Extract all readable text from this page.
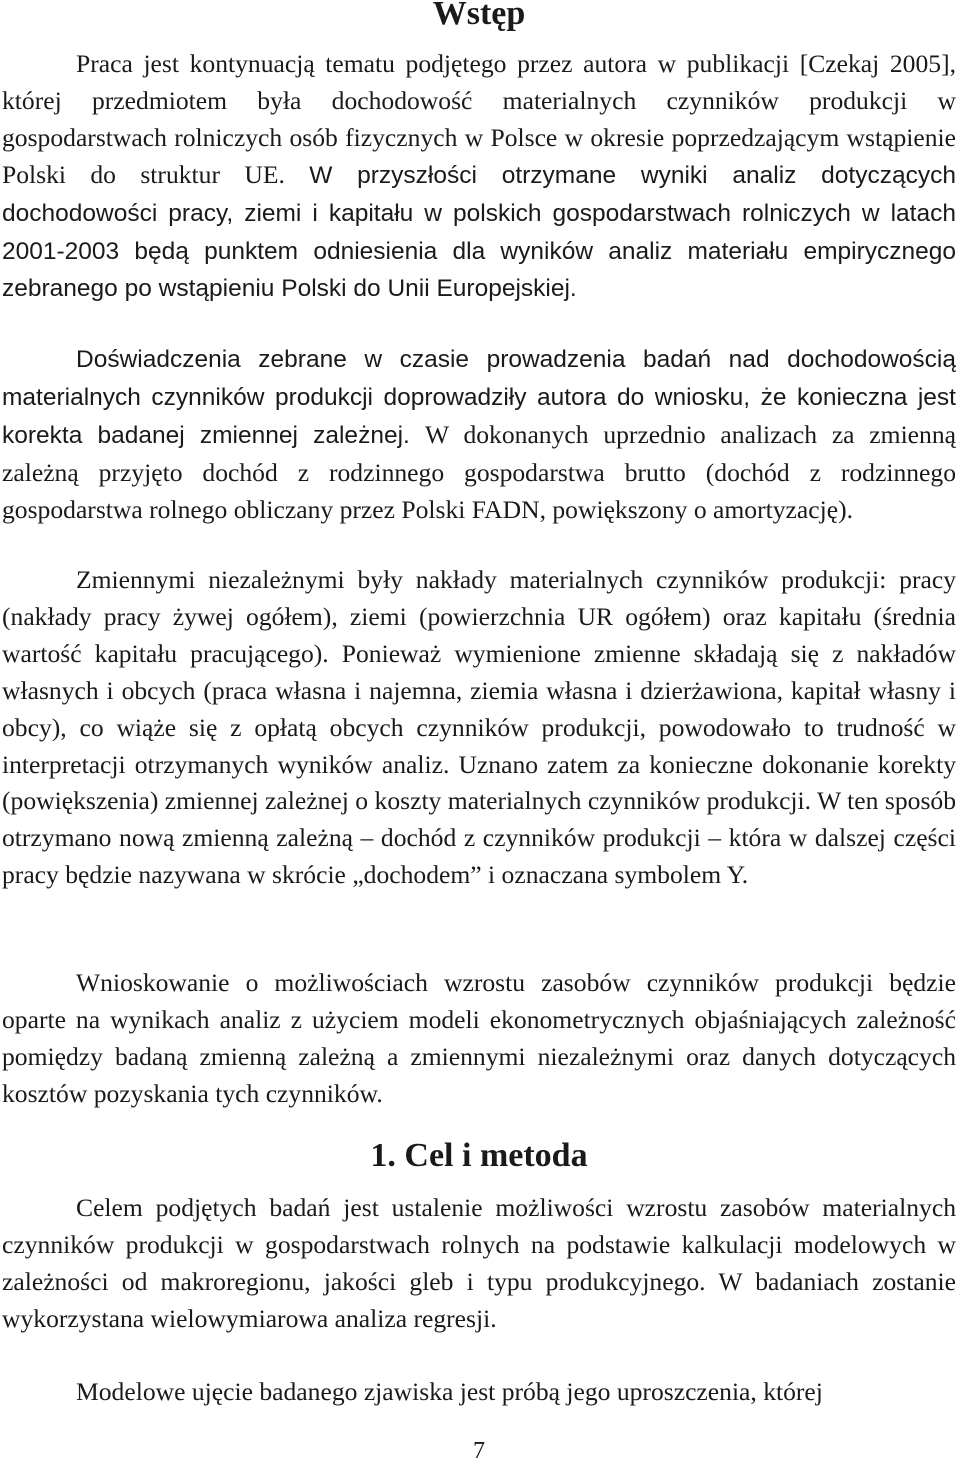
Wstęp

Praca jest kontynuacją tematu podjętego przez autora w publikacji [Czekaj 2005], której przedmiotem była dochodowość materialnych czynników produkcji w gospodarstwach rolniczych osób fizycznych w Polsce w okresie poprzedzającym wstąpienie Polski do struktur UE. W przyszłości otrzymane wyniki analiz dotyczących dochodowości pracy, ziemi i kapitału w polskich gospodarstwach rolniczych w latach 2001-2003 będą punktem odniesienia dla wyników analiz materiału empirycznego zebranego po wstąpieniu Polski do Unii Europejskiej.

Doświadczenia zebrane w czasie prowadzenia badań nad dochodowością materialnych czynników produkcji doprowadziły autora do wniosku, że konieczna jest korekta badanej zmiennej zależnej. W dokonanych uprzednio analizach za zmienną zależną przyjęto dochód z rodzinnego gospodarstwa brutto (dochód z rodzinnego gospodarstwa rolnego obliczany przez Polski FADN, powiększony o amortyzację).

Zmiennymi niezależnymi były nakłady materialnych czynników produkcji: pracy (nakłady pracy żywej ogółem), ziemi (powierzchnia UR ogółem) oraz kapitału (średnia wartość kapitału pracującego). Ponieważ wymienione zmienne składają się z nakładów własnych i obcych (praca własna i najemna, ziemia własna i dzierżawiona, kapitał własny i obcy), co wiąże się z opłatą obcych czynników produkcji, powodowało to trudność w interpretacji otrzymanych wyników analiz. Uznano zatem za konieczne dokonanie korekty (powiększenia) zmiennej zależnej o koszty materialnych czynników produkcji. W ten sposób otrzymano nową zmienną zależną – dochód z czynników produkcji – która w dalszej części pracy będzie nazywana w skrócie „dochodem” i oznaczana symbolem Y.

Wnioskowanie o możliwościach wzrostu zasobów czynników produkcji będzie oparte na wynikach analiz z użyciem modeli ekonometrycznych objaśniających zależność pomiędzy badaną zmienną zależną a zmiennymi niezależnymi oraz danych dotyczących kosztów pozyskania tych czynników.

1. Cel i metoda

Celem podjętych badań jest ustalenie możliwości wzrostu zasobów materialnych czynników produkcji w gospodarstwach rolnych na podstawie kalkulacji modelowych w zależności od makroregionu, jakości gleb i typu produkcyjnego. W badaniach zostanie wykorzystana wielowymiarowa analiza regresji.

Modelowe ujęcie badanego zjawiska jest próbą jego uproszczenia, której

7
